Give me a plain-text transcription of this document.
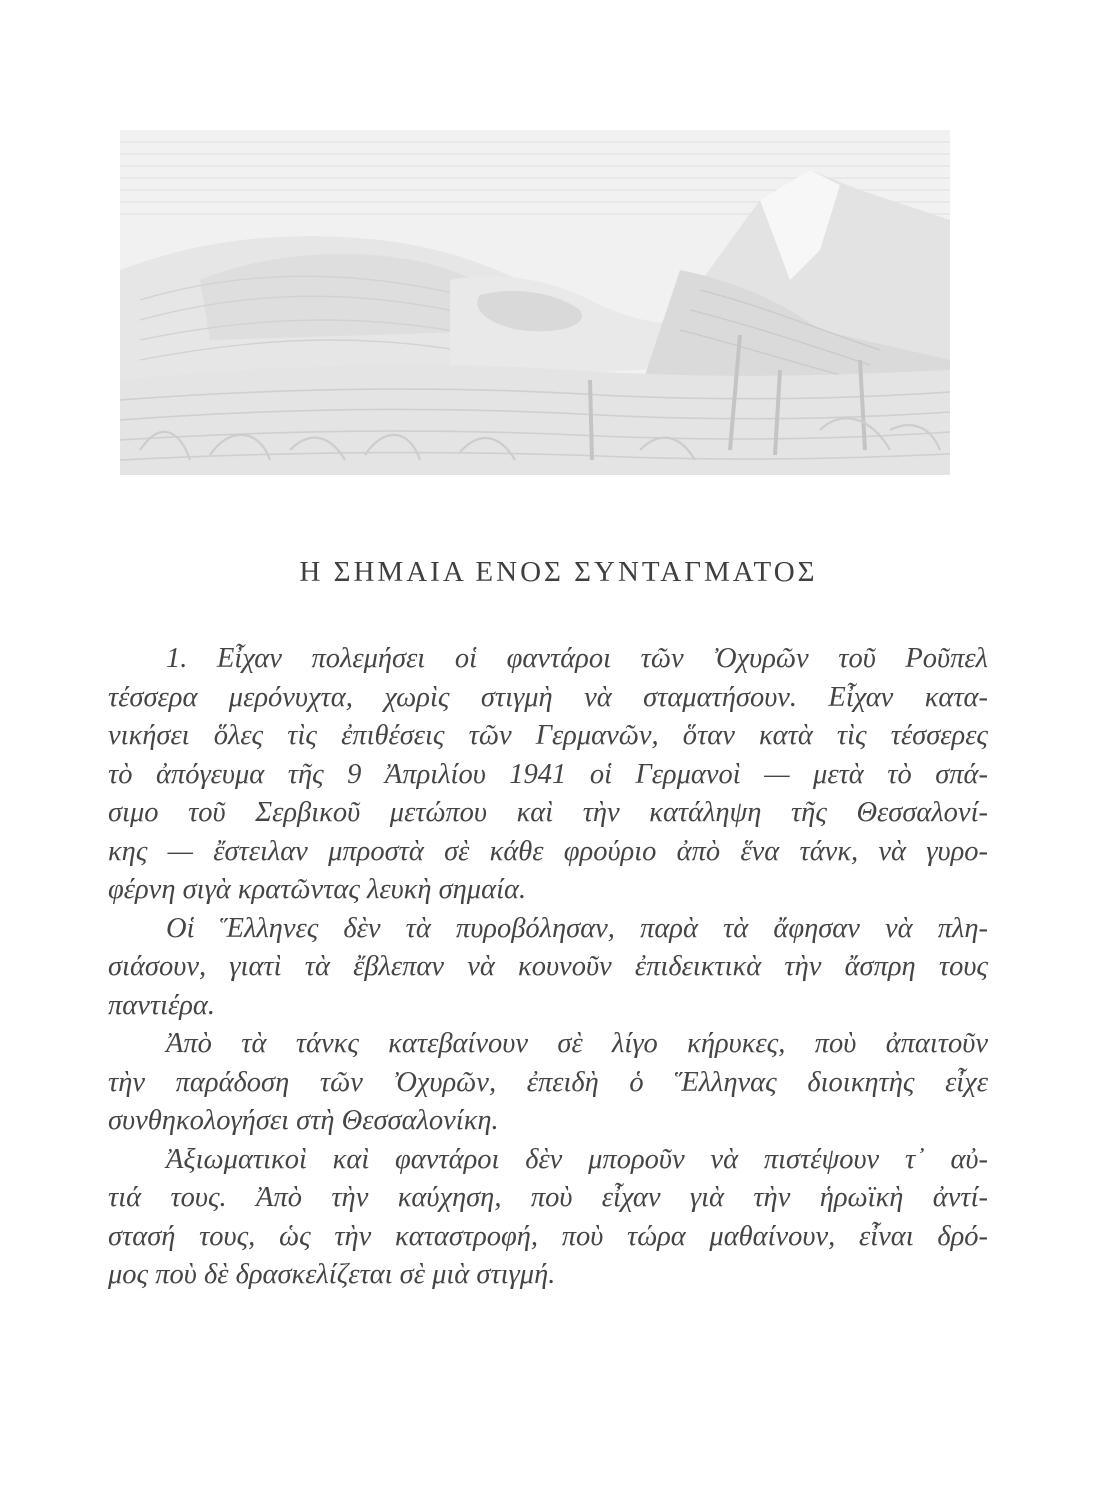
Η ΣΗΜΑΙΑ ΕΝΟΣ ΣΥΝΤΑΓΜΑΤΟΣ
1. Εἶχαν πολεμήσει οἱ φαντάροι τῶν Ὀχυρῶν τοῦ Ροῦπελ
τέσσερα μερόνυχτα, χωρὶς στιγμὴ νὰ σταματήσουν. Εἶχαν κατα-
νικήσει ὅλες τὶς ἐπιθέσεις τῶν Γερμανῶν, ὅταν κατὰ τὶς τέσσερες
τὸ ἀπόγευμα τῆς 9 Ἀπριλίου 1941 οἱ Γερμανοὶ — μετὰ τὸ σπά-
σιμο τοῦ Σερβικοῦ μετώπου καὶ τὴν κατάληψη τῆς Θεσσαλονί-
κης — ἔστειλαν μπροστὰ σὲ κάθε φρούριο ἀπὸ ἕνα τάνκ, νὰ γυρο-
φέρνη σιγὰ κρατῶντας λευκὴ σημαία.
Οἱ Ἕλληνες δὲν τὰ πυροβόλησαν, παρὰ τὰ ἄφησαν νὰ πλη-
σιάσουν, γιατὶ τὰ ἔβλεπαν νὰ κουνοῦν ἐπιδεικτικὰ τὴν ἄσπρη τους
παντιέρα.
Ἀπὸ τὰ τάνκς κατεβαίνουν σὲ λίγο κήρυκες, ποὺ ἀπαιτοῦν
τὴν παράδοση τῶν Ὀχυρῶν, ἐπειδὴ ὁ Ἕλληνας διοικητὴς εἶχε
συνθηκολογήσει στὴ Θεσσαλονίκη.
Ἀξιωματικοὶ καὶ φαντάροι δὲν μποροῦν νὰ πιστέψουν τ᾽ αὐ-
τιά τους. Ἀπὸ τὴν καύχηση, ποὺ εἶχαν γιὰ τὴν ἡρωϊκὴ ἀντί-
στασή τους, ὡς τὴν καταστροφή, ποὺ τώρα μαθαίνουν, εἶναι δρό-
μος ποὺ δὲ δρασκελίζεται σὲ μιὰ στιγμή.
